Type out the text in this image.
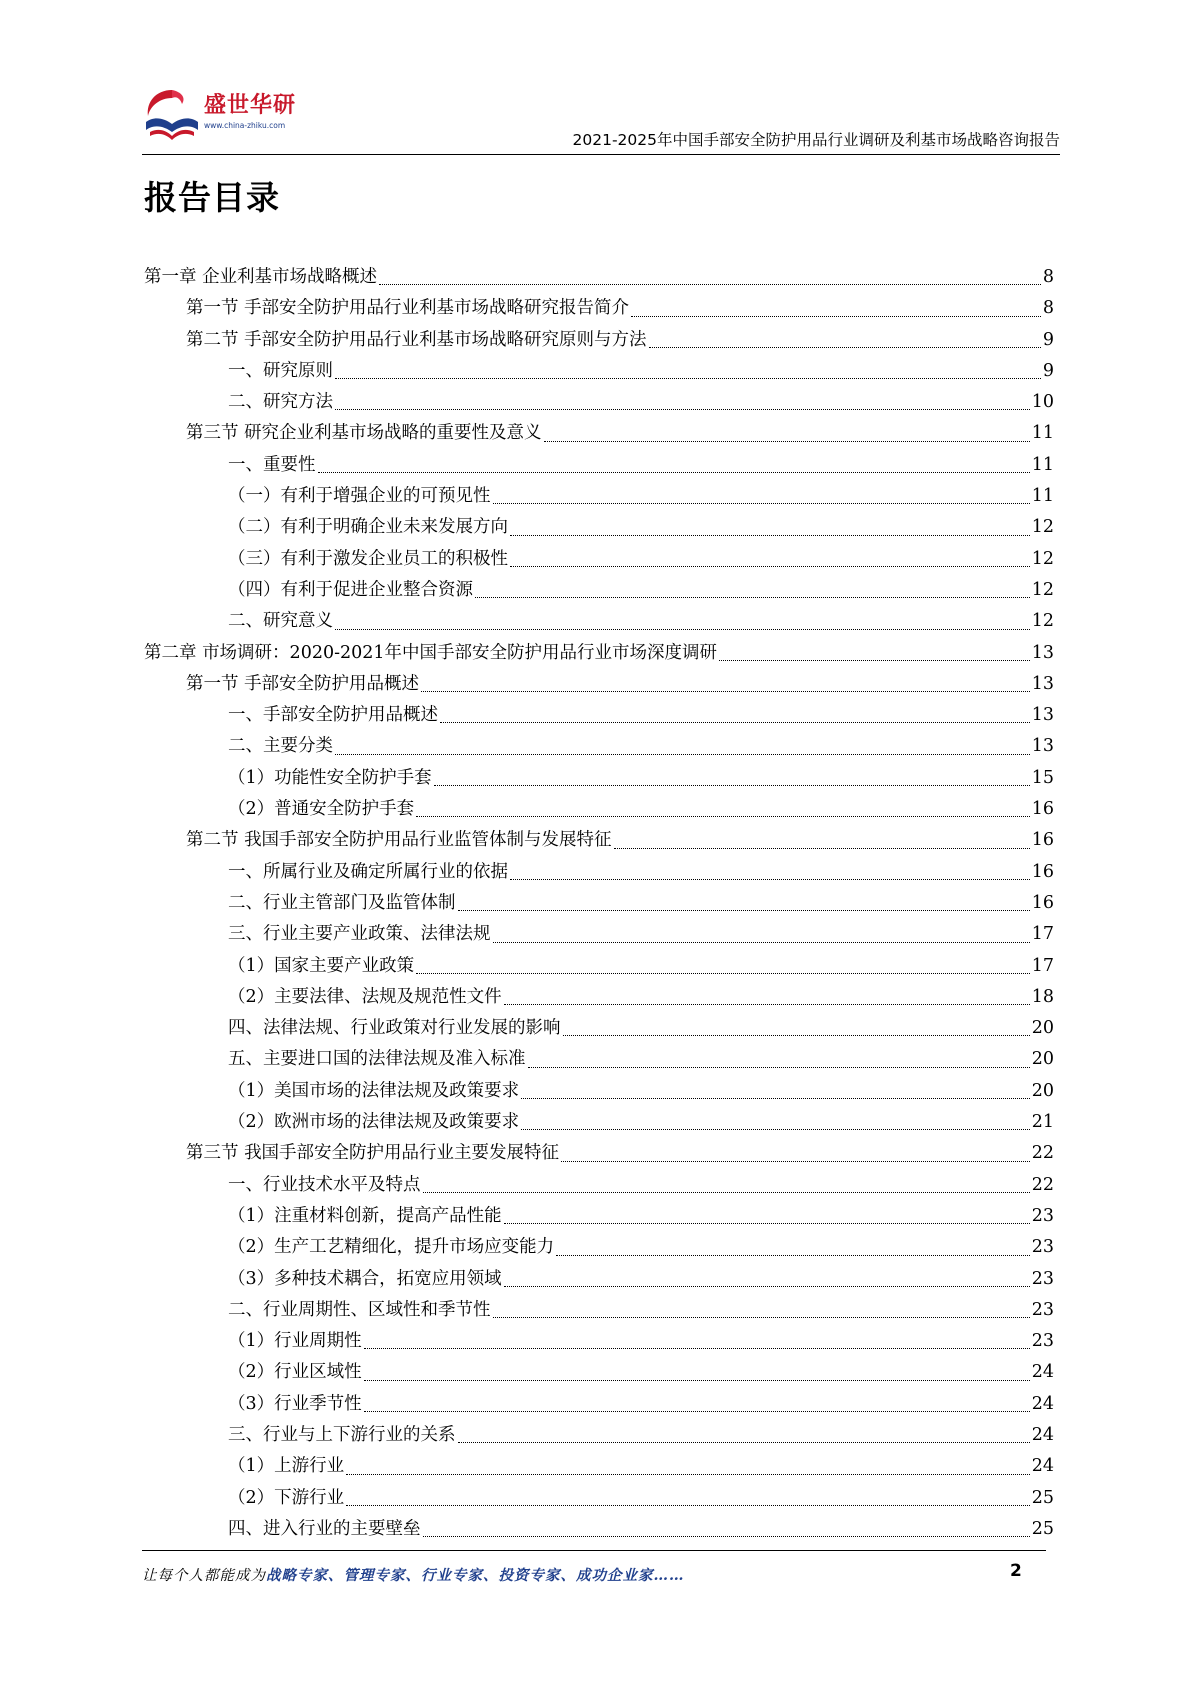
盛世华研
www.china-zhiku.com
2021-2025年中国手部安全防护用品行业调研及利基市场战略咨询报告
报告目录
第一章 企业利基市场战略概述	8
第一节 手部安全防护用品行业利基市场战略研究报告简介	8
第二节 手部安全防护用品行业利基市场战略研究原则与方法	9
一、研究原则	9
二、研究方法	10
第三节 研究企业利基市场战略的重要性及意义	11
一、重要性	11
（一）有利于增强企业的可预见性	11
（二）有利于明确企业未来发展方向	12
（三）有利于激发企业员工的积极性	12
（四）有利于促进企业整合资源	12
二、研究意义	12
第二章 市场调研：2020-2021年中国手部安全防护用品行业市场深度调研	13
第一节 手部安全防护用品概述	13
一、手部安全防护用品概述	13
二、主要分类	13
（1）功能性安全防护手套	15
（2）普通安全防护手套	16
第二节 我国手部安全防护用品行业监管体制与发展特征	16
一、所属行业及确定所属行业的依据	16
二、行业主管部门及监管体制	16
三、行业主要产业政策、法律法规	17
（1）国家主要产业政策	17
（2）主要法律、法规及规范性文件	18
四、法律法规、行业政策对行业发展的影响	20
五、主要进口国的法律法规及准入标准	20
（1）美国市场的法律法规及政策要求	20
（2）欧洲市场的法律法规及政策要求	21
第三节 我国手部安全防护用品行业主要发展特征	22
一、行业技术水平及特点	22
（1）注重材料创新，提高产品性能	23
（2）生产工艺精细化，提升市场应变能力	23
（3）多种技术耦合，拓宽应用领域	23
二、行业周期性、区域性和季节性	23
（1）行业周期性	23
（2）行业区域性	24
（3）行业季节性	24
三、行业与上下游行业的关系	24
（1）上游行业	24
（2）下游行业	25
四、进入行业的主要壁垒	25
让每个人都能成为战略专家、管理专家、行业专家、投资专家、成功企业家……	2
